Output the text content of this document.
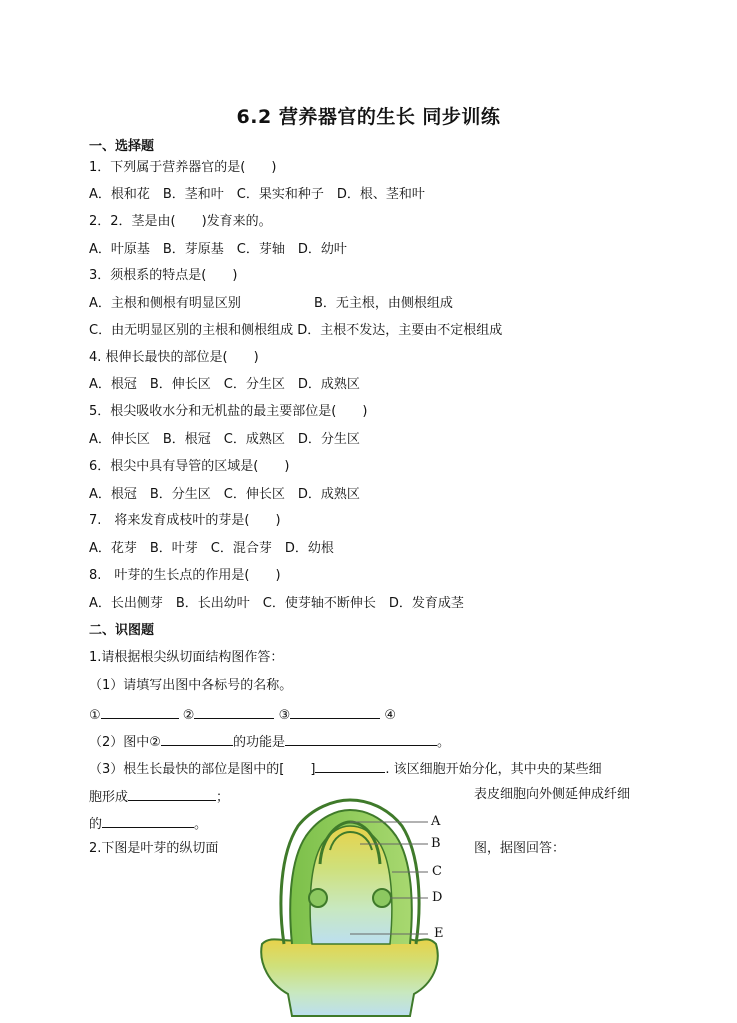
6.2 营养器官的生长 同步训练
一、选择题
1．下列属于营养器官的是(　　)
A．根和花　B．茎和叶　C．果实和种子　D．根、茎和叶
2．2．茎是由(　　)发育来的。
A．叶原基　B．芽原基　C．芽轴　D．幼叶
3．须根系的特点是(　　)
A．主根和侧根有明显区别	B．无主根，由侧根组成
C．由无明显区别的主根和侧根组成 D．主根不发达，主要由不定根组成
4. 根伸长最快的部位是(　　)
A．根冠　B．伸长区　C．分生区　D．成熟区
5．根尖吸收水分和无机盐的最主要部位是(　　)
A．伸长区　B．根冠　C．成熟区　D．分生区
6．根尖中具有导管的区域是(　　)
A．根冠　B．分生区　C．伸长区　D．成熟区
7.　将来发育成枝叶的芽是(　　)
A．花芽　B．叶芽　C．混合芽　D．幼根
8.　叶芽的生长点的作用是(　　)
A．长出侧芽　B．长出幼叶　C．使芽轴不断伸长　D．发育成茎
二、识图题
1.请根据根尖纵切面结构图作答：
（1）请填写出图中各标号的名称。
①	②	③	④
（2）图中②	的功能是	。
（3）根生长最快的部位是图中的[　　]	. 该区细胞开始分化，其中央的某些细
胞形成	；	表皮细胞向外侧延伸成纤细
的	。
2.下图是叶芽的纵切面	图，据图回答：
A
B
C
D
E
